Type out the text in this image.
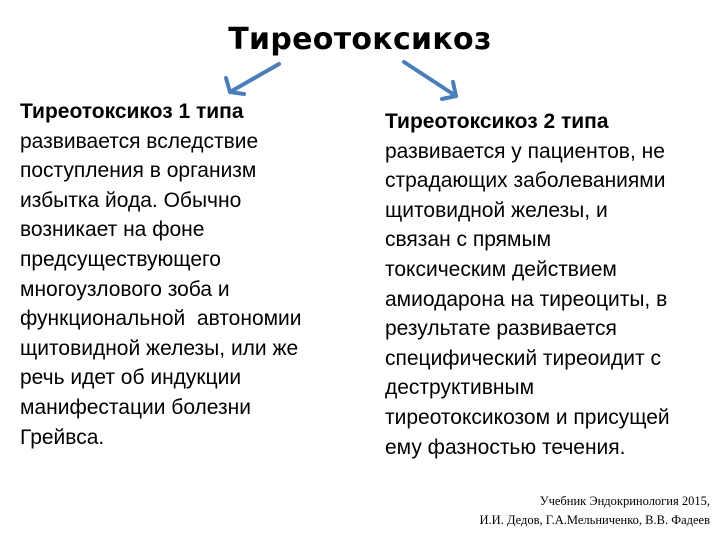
Тиреотоксикоз
Тиреотоксикоз 1 типа
развивается вследствие
поступления в организм
избытка йода. Обычно
возникает на фоне
предсуществующего
многоузлового зоба и
функциональной  автономии
щитовидной железы, или же
речь идет об индукции
манифестации болезни
Грейвса.
Тиреотоксикоз 2 типа
развивается у пациентов, не
страдающих заболеваниями
щитовидной железы, и
связан с прямым
токсическим действием
амиодарона на тиреоциты, в
результате развивается
специфический тиреоидит с
деструктивным
тиреотоксикозом и присущей
ему фазностью течения.
Учебник Эндокринология 2015,
И.И. Дедов, Г.А.Мельниченко, В.В. Фадеев
